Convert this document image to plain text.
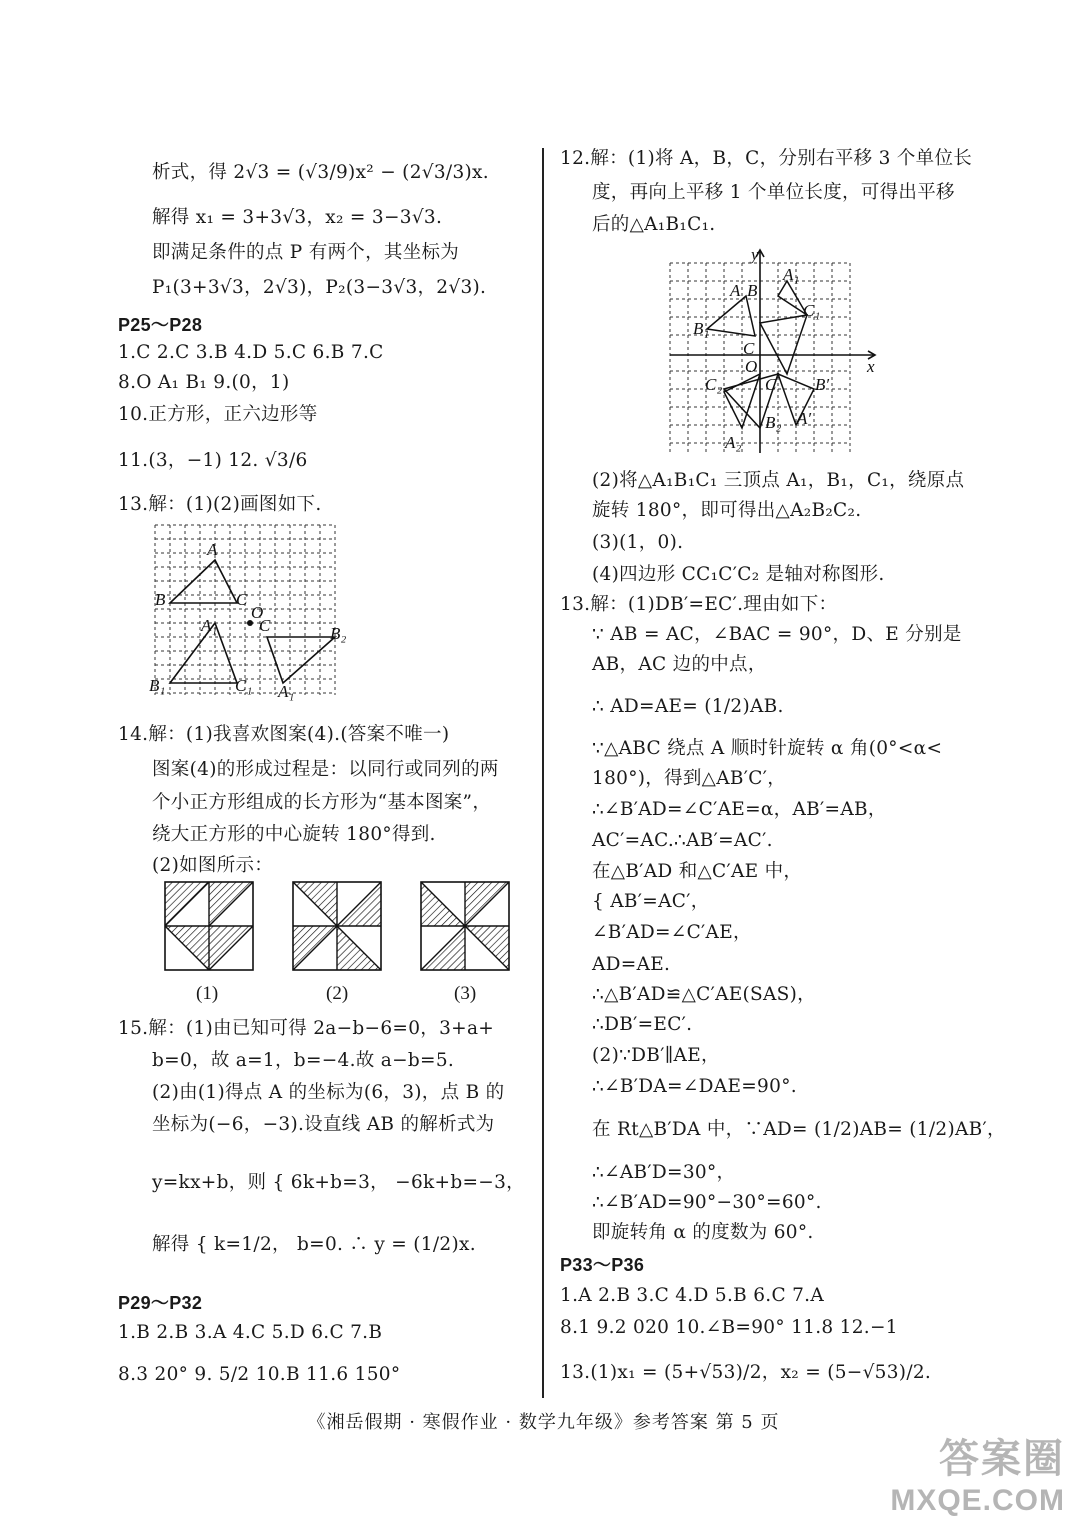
析式，得 2√3 = (√3/9)x² − (2√3/3)x.
解得 x₁ = 3+3√3，x₂ = 3−3√3.
即满足条件的点 P 有两个，其坐标为
P₁(3+3√3，2√3)，P₂(3−3√3，2√3).
P25～P28
1.C 2.C 3.B 4.D 5.C 6.B 7.C
8.O A₁ B₁ 9.(0，1)
10.正方形，正六边形等
11.(3，−1) 12. √3/6
13.解：(1)(2)画图如下.
A
B	C
O
C
A₁	B₂
B₁	C₁ A₁
14.解：(1)我喜欢图案(4).(答案不唯一)
图案(4)的形成过程是：以同行或同列的两
个小正方形组成的长方形为“基本图案”，
绕大正方形的中心旋转 180°得到.
(2)如图所示：
(1)	(2)	(3)
15.解：(1)由已知可得 2a−b−6=0，3+a+
b=0，故 a=1，b=−4.故 a−b=5.
(2)由(1)得点 A 的坐标为(6，3)，点 B 的
坐标为(−6，−3).设直线 AB 的解析式为
y=kx+b，则 { 6k+b=3， −6k+b=−3，
解得 { k=1/2， b=0. ∴ y = (1/2)x.
P29～P32
1.B 2.B 3.A 4.C 5.D 6.C 7.B
8.3 20° 9. 5/2 10.B 11.6 150°
12.解：(1)将 A，B，C，分别右平移 3 个单位长
度，再向上平移 1 个单位长度，可得出平移
后的△A₁B₁C₁.
y
A B
A₁
B₁
C₁
C
O	x
C₂	C B′
A′
A₂
B₂
(2)将△A₁B₁C₁ 三顶点 A₁，B₁，C₁，绕原点
旋转 180°，即可得出△A₂B₂C₂.
(3)(1，0).
(4)四边形 CC₁C′C₂ 是轴对称图形.
13.解：(1)DB′=EC′.理由如下：
∵ AB = AC，∠BAC = 90°，D、E 分别是
AB，AC 边的中点，
∴ AD=AE= (1/2)AB.
∵△ABC 绕点 A 顺时针旋转 α 角(0°<α<
180°)，得到△AB′C′，
∴∠B′AD=∠C′AE=α，AB′=AB，
AC′=AC.∴AB′=AC′.
在△B′AD 和△C′AE 中，
{ AB′=AC′，
∠B′AD=∠C′AE，
AD=AE.
∴△B′AD≌△C′AE(SAS)，
∴DB′=EC′.
(2)∵DB′∥AE，
∴∠B′DA=∠DAE=90°.
在 Rt△B′DA 中，∵AD= (1/2)AB= (1/2)AB′，
∴∠AB′D=30°，
∴∠B′AD=90°−30°=60°.
即旋转角 α 的度数为 60°.
P33～P36
1.A 2.B 3.C 4.D 5.B 6.C 7.A
8.1 9.2 020 10.∠B=90° 11.8 12.−1
13.(1)x₁ = (5+√53)/2，x₂ = (5−√53)/2.
《湘岳假期 · 寒假作业 · 数学九年级》参考答案 第 5 页
答案圈
MXQE.COM
